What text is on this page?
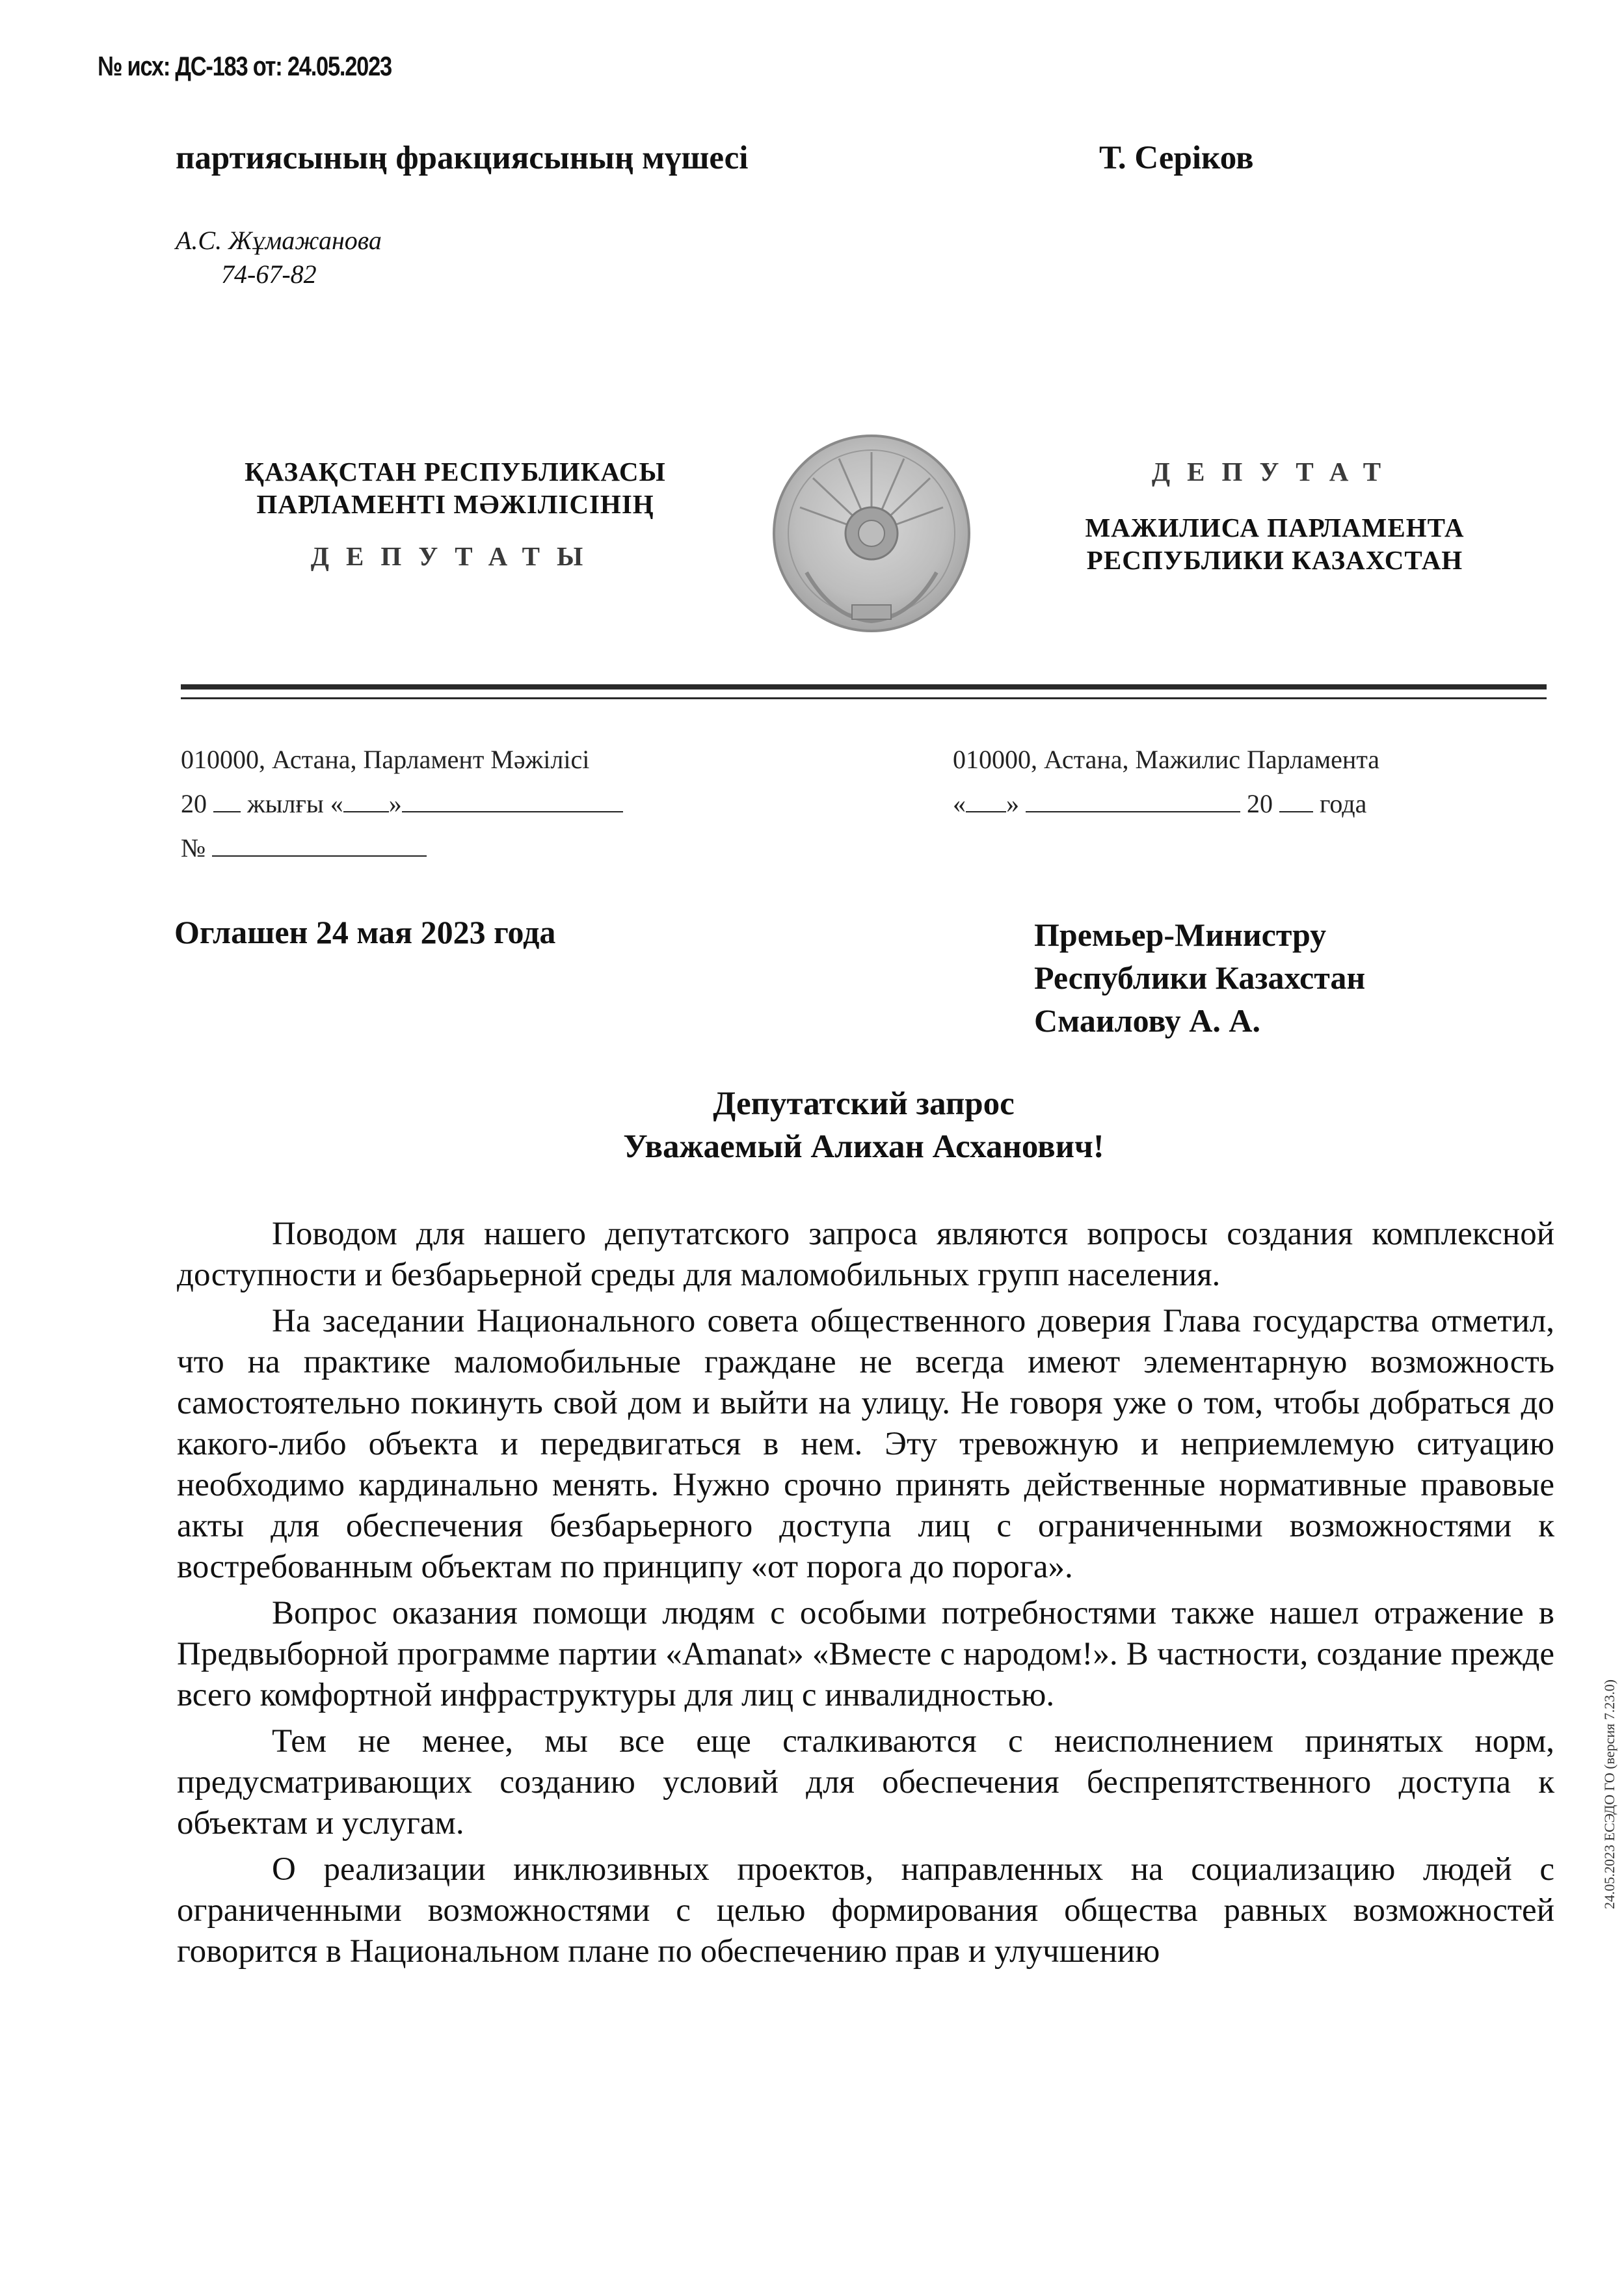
№ исх: ДС-183 от: 24.05.2023
партиясының фракциясының мүшесі	Т. Серіков
А.С. Жұмажанова
74-67-82
ҚАЗАҚСТАН РЕСПУБЛИКАСЫ
ПАРЛАМЕНТІ МӘЖІЛІСІНІҢ
ДЕПУТАТЫ
ДЕПУТАТ
МАЖИЛИСА ПАРЛАМЕНТА
РЕСПУБЛИКИ КАЗАХСТАН
010000, Астана, Парламент Мәжілісі
20 жылғы « »
№
010000, Астана, Мажилис Парламента
« »	20 года
Оглашен 24 мая 2023 года	Премьер-Министру
Республики Казахстан
Смаилову А. А.
Депутатский запрос
Уважаемый Алихан Асханович!

Поводом для нашего депутатского запроса являются вопросы создания комплексной доступности и безбарьерной среды для маломобильных групп населения.

На заседании Национального совета общественного доверия Глава государства отметил, что на практике маломобильные граждане не всегда имеют элементарную возможность самостоятельно покинуть свой дом и выйти на улицу. Не говоря уже о том, чтобы добраться до какого-либо объекта и передвигаться в нем. Эту тревожную и неприемлемую ситуацию необходимо кардинально менять. Нужно срочно принять действенные нормативные правовые акты для обеспечения безбарьерного доступа лиц с ограниченными возможностями к востребованным объектам по принципу «от порога до порога».

Вопрос оказания помощи людям с особыми потребностями также нашел отражение в Предвыборной программе партии «Amanat» «Вместе с народом!». В частности, создание прежде всего комфортной инфраструктуры для лиц с инвалидностью.

Тем не менее, мы все еще сталкиваются с неисполнением принятых норм, предусматривающих созданию условий для обеспечения беспрепятственного доступа к объектам и услугам.

О реализации инклюзивных проектов, направленных на социализацию людей с ограниченными возможностями с целью формирования общества равных возможностей говорится в Национальном плане по обеспечению прав и улучшению

24.05.2023 ЕСЭДО ГО (версия 7.23.0)
